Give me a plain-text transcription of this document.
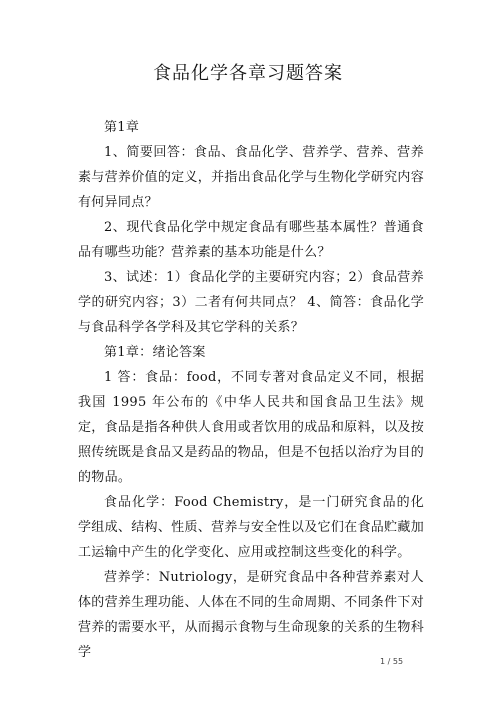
食品化学各章习题答案

第1章

1、简要回答：食品、食品化学、营养学、营养、营养素与营养价值的定义，并指出食品化学与生物化学研究内容有何异同点？

2、现代食品化学中规定食品有哪些基本属性？普通食品有哪些功能？营养素的基本功能是什么？

3、试述：1）食品化学的主要研究内容；2）食品营养学的研究内容；3）二者有何共同点？ 4、简答：食品化学与食品科学各学科及其它学科的关系？

第1章：绪论答案

1 答：食品：food，不同专著对食品定义不同，根据我国 1995 年公布的《中华人民共和国食品卫生法》规定，食品是指各种供人食用或者饮用的成品和原料，以及按照传统既是食品又是药品的物品，但是不包括以治疗为目的的物品。

食品化学：Food Chemistry，是一门研究食品的化学组成、结构、性质、营养与安全性以及它们在食品贮藏加工运输中产生的化学变化、应用或控制这些变化的科学。

营养学：Nutriology，是研究食品中各种营养素对人体的营养生理功能、人体在不同的生命周期、不同条件下对营养的需要水平，从而揭示食物与生命现象的关系的生物科学

1 / 55
